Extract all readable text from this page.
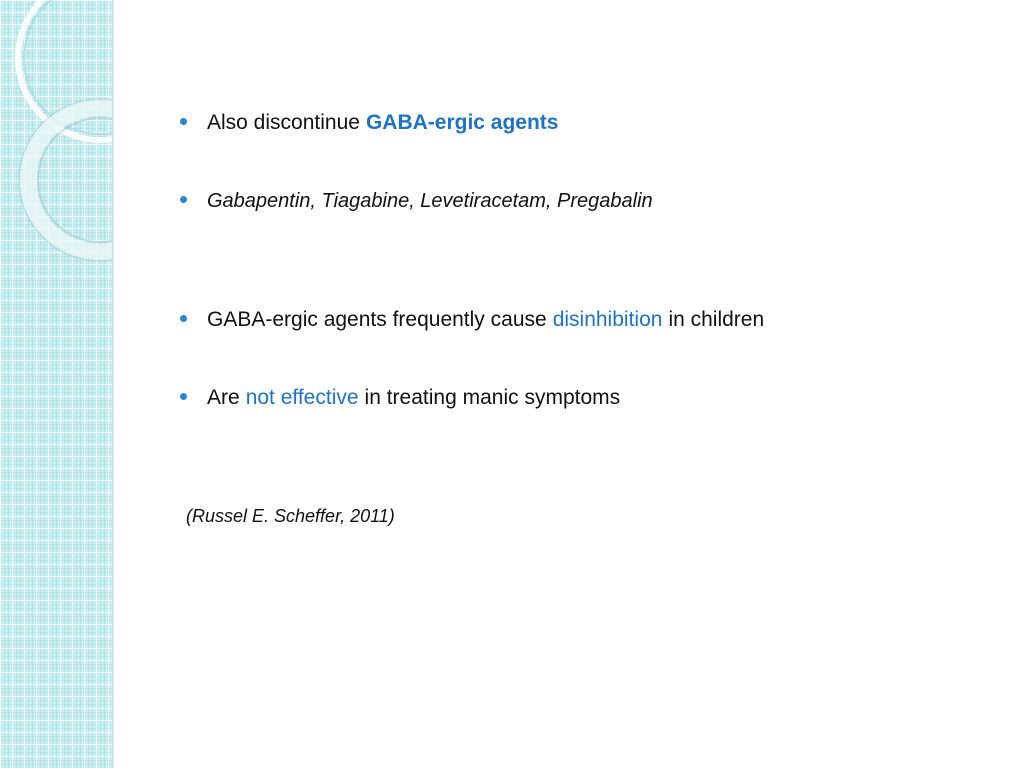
Also discontinue GABA-ergic agents
Gabapentin, Tiagabine, Levetiracetam, Pregabalin
GABA-ergic agents frequently cause disinhibition in children
Are not effective in treating manic symptoms
(Russel E. Scheffer, 2011)
